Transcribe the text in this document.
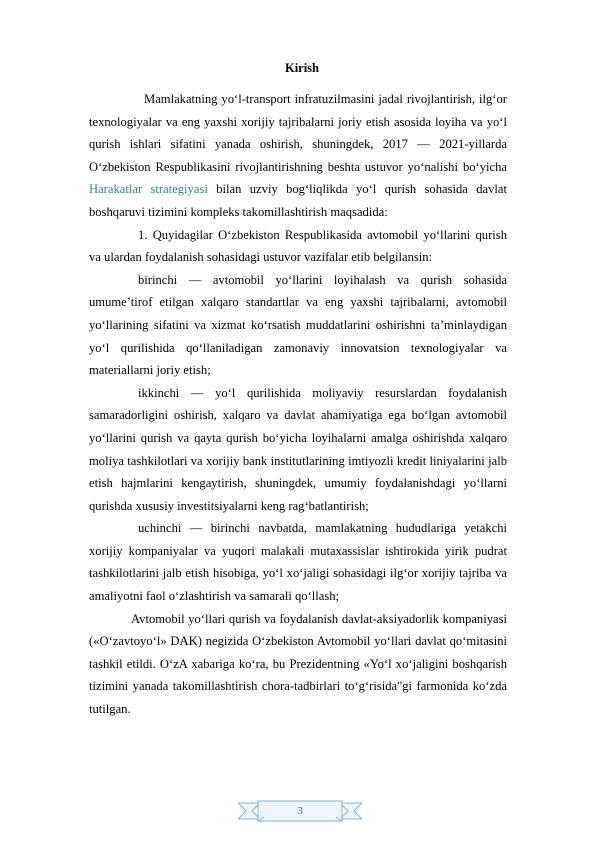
Kirish

Mamlakatning yo‘l-transport infratuzilmasini jadal rivojlantirish, ilg‘or texnologiyalar va eng yaxshi xorijiy tajribalarni joriy etish asosida loyiha va yo‘l qurish ishlari sifatini yanada oshirish, shuningdek, 2017 — 2021-yillarda O‘zbekiston Respublikasini rivojlantirishning beshta ustuvor yo‘nalishi bo‘yicha Harakatlar strategiyasi bilan uzviy bog‘liqlikda yo‘l qurish sohasida davlat boshqaruvi tizimini kompleks takomillashtirish maqsadida:

1. Quyidagilar O‘zbekiston Respublikasida avtomobil yo‘llarini qurish va ulardan foydalanish sohasidagi ustuvor vazifalar etib belgilansin:

birinchi — avtomobil yo‘llarini loyihalash va qurish sohasida umume’tirof etilgan xalqaro standartlar va eng yaxshi tajribalarni, avtomobil yo‘llarining sifatini va xizmat ko‘rsatish muddatlarini oshirishni ta’minlaydigan yo‘l qurilishida qo‘llaniladigan zamonaviy innovatsion texnologiyalar va materiallarni joriy etish;

ikkinchi — yo‘l qurilishida moliyaviy resurslardan foydalanish samaradorligini oshirish, xalqaro va davlat ahamiyatiga ega bo‘lgan avtomobil yo‘llarini qurish va qayta qurish bo‘yicha loyihalarni amalga oshirishda xalqaro moliya tashkilotlari va xorijiy bank institutlarining imtiyozli kredit liniyalarini jalb etish hajmlarini kengaytirish, shuningdek, umumiy foydalanishdagi yo‘llarni qurishda xususiy investitsiyalarni keng rag‘batlantirish;

uchinchi — birinchi navbatda, mamlakatning hududlariga yetakchi xorijiy kompaniyalar va yuqori malakali mutaxassislar ishtirokida yirik pudrat tashkilotlarini jalb etish hisobiga, yo‘l xo‘jaligi sohasidagi ilg‘or xorijiy tajriba va amaliyotni faol o‘zlashtirish va samarali qo‘llash;

Avtomobil yo‘llari qurish va foydalanish davlat-aksiyadorlik kompaniyasi («O‘zavtoyo‘l» DAK) negizida O‘zbekiston Avtomobil yo‘llari davlat qo‘mitasini tashkil etildi. O‘zA xabariga ko‘ra, bu Prezidentning «Yo‘l xo‘jaligini boshqarish tizimini yanada takomillashtirish chora-tadbirlari to‘g‘risida"gi farmonida ko‘zda tutilgan.

3
